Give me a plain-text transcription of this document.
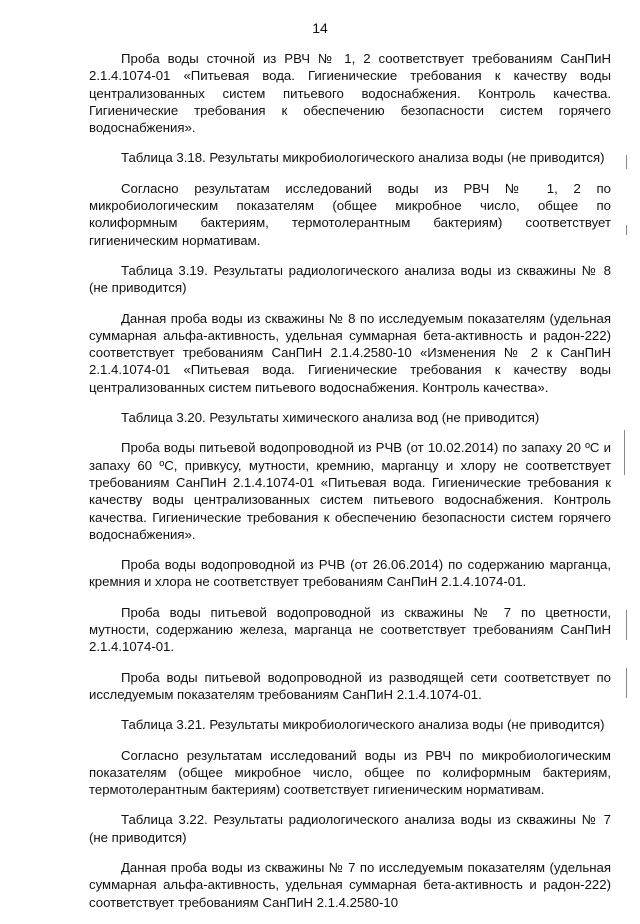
14

Проба воды сточной из РВЧ № 1, 2 соответствует требованиям СанПиН 2.1.4.1074-01 «Питьевая вода. Гигиенические требования к качеству воды централизованных систем питьевого водоснабжения. Контроль качества. Гигиенические требования к обеспечению безопасности систем горячего водоснабжения».

Таблица 3.18. Результаты микробиологического анализа воды (не приводится)

Согласно результатам исследований воды из РВЧ № 1, 2 по микробиологическим показателям (общее микробное число, общее по колиформным бактериям, термотолерантным бактериям) соответствует гигиеническим нормативам.

Таблица 3.19. Результаты радиологического анализа воды из скважины № 8 (не приводится)

Данная проба воды из скважины № 8 по исследуемым показателям (удельная суммарная альфа-активность, удельная суммарная бета-активность и радон-222) соответствует требованиям СанПиН 2.1.4.2580-10 «Изменения № 2 к СанПиН 2.1.4.1074-01 «Питьевая вода. Гигиенические требования к качеству воды централизованных систем питьевого водоснабжения. Контроль качества».

Таблица 3.20. Результаты химического анализа вод (не приводится)

Проба воды питьевой водопроводной из РЧВ (от 10.02.2014) по запаху 20 ºС и запаху 60 ºС, привкусу, мутности, кремнию, марганцу и хлору не соответствует требованиям СанПиН 2.1.4.1074-01 «Питьевая вода. Гигиенические требования к качеству воды централизованных систем питьевого водоснабжения. Контроль качества. Гигиенические требования к обеспечению безопасности систем горячего водоснабжения».

Проба воды водопроводной из РЧВ (от 26.06.2014) по содержанию марганца, кремния и хлора не соответствует требованиям СанПиН 2.1.4.1074-01.

Проба воды питьевой водопроводной из скважины № 7 по цветности, мутности, содержанию железа, марганца не соответствует требованиям СанПиН 2.1.4.1074-01.

Проба воды питьевой водопроводной из разводящей сети соответствует по исследуемым показателям требованиям СанПиН 2.1.4.1074-01.

Таблица 3.21. Результаты микробиологического анализа воды (не приводится)

Согласно результатам исследований воды из РВЧ по микробиологическим показателям (общее микробное число, общее по колиформным бактериям, термотолерантным бактериям) соответствует гигиеническим нормативам.

Таблица 3.22. Результаты радиологического анализа воды из скважины № 7 (не приводится)

Данная проба воды из скважины № 7 по исследуемым показателям (удельная суммарная альфа-активность, удельная суммарная бета-активность и радон-222) соответствует требованиям СанПиН 2.1.4.2580-10
